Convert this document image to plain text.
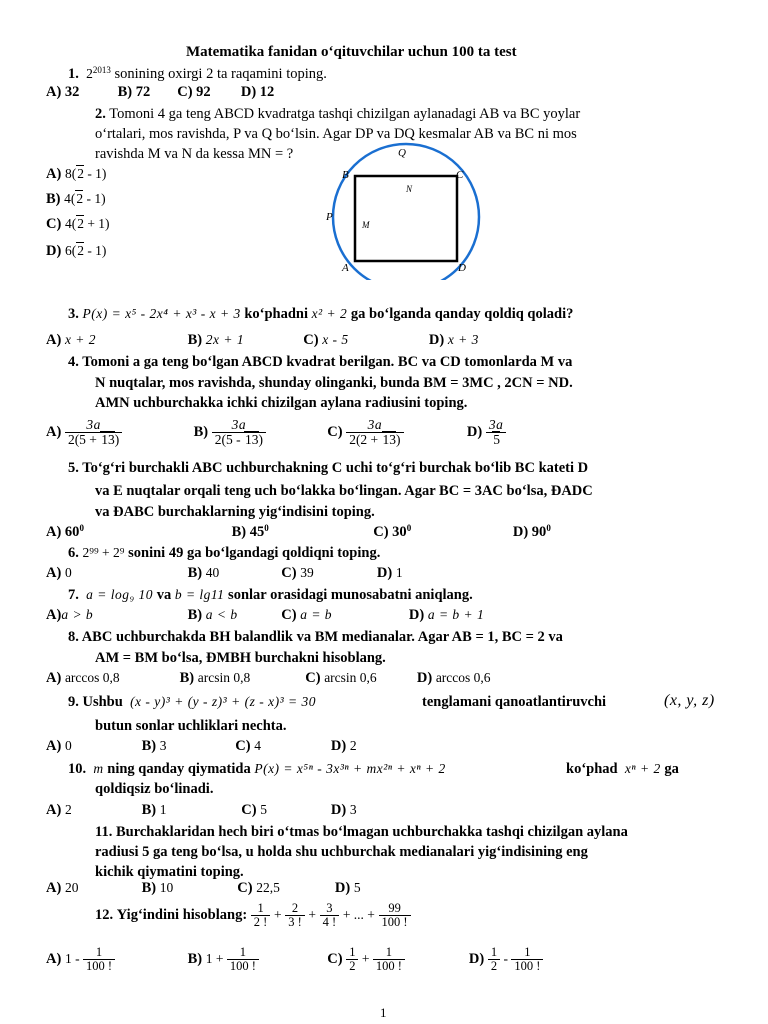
Matematika fanidan oʻqituvchilar uchun 100 ta test
1. $2^{2013}$ sonining oxirgi 2 ta raqamini toping.
A) 32	B) 72 C) 92 D) 12
2. Tomoni 4 ga teng ABCD kvadratga tashqi chizilgan aylanadagi AB va BC yoylar
oʻrtalari, mos ravishda, P va Q boʻlsin. Agar DP va DQ kesmalar AB va BC ni mos
ravishda M va N da kessa MN = ?
A) 8(2 - 1)
B) 4(2 - 1)
C) 4(2 + 1)
D) 6(2 - 1)
B	C
A	D
P
Q
M
N
3. P(x) = x⁵ - 2x⁴ + x³ - x + 3 koʻphadni x² + 2 ga boʻlganda qanday qoldiq qoladi?
A) x + 2	B) 2x + 1	C) x - 5	D) x + 3
4. Tomoni a ga teng boʻlgan ABCD kvadrat berilgan. BC va CD tomonlarda M va
N nuqtalar, mos ravishda, shunday olinganki, bunda BM = 3MC , 2CN = ND.
AMN uchburchakka ichki chizilgan aylana radiusini toping.
$A) \frac{3a}{2(5 + 13)}$	$B) \frac{3a}{2(5 - 13)}$	$C) \frac{3a}{2(2 + 13)}$	$D) \frac{3a}{5}$
5. Toʻgʻri burchakli ABC uchburchakning C uchi toʻgʻri burchak boʻlib BC kateti D
va E nuqtalar orqali teng uch boʻlakka boʻlingan. Agar BC = 3AC boʻlsa, ÐADC
va ÐABC burchaklarning yigʻindisini toping.
A) $60^0$	B) $45^0$	C) $30^0$	D) $90^0$
6. 2⁹⁹ + 2⁹ sonini 49 ga boʻlgandagi qoldiqni toping.
A) 0	B) 40	C) 39	D) 1
7. a = log₉ 10 va b = lg11 sonlar orasidagi munosabatni aniqlang.
A)a > b	B) a < b	C) a = b	D) a = b + 1
8. ABC uchburchakda BH balandlik va BM medianalar. Agar AB = 1, BC = 2 va
AM = BM boʻlsa, ÐMBH burchakni hisoblang.
A) arccos 0,8	B) arcsin 0,8	C) arcsin 0,6	D) arccos 0,6
9. Ushbu (x - y)³ + (y - z)³ + (z - x)³ = 30	tenglamani qanoatlantiruvchi	(x, y, z)
butun sonlar uchliklari nechta.
A) 0	B) 3	C) 4	D) 2
10. m ning qanday qiymatida P(x) = x⁵ⁿ - 3x³ⁿ + mx²ⁿ + xⁿ + 2	koʻphad  xⁿ + 2 ga
qoldiqsiz boʻlinadi.
A) 2	B) 1	C) 5	D) 3
11. Burchaklaridan hech biri oʻtmas boʻlmagan uchburchakka tashqi chizilgan aylana
radiusi 5 ga teng boʻlsa, u holda shu uchburchak medianalari yigʻindisining eng
kichik qiymatini toping.
A) 20	B) 10	C) 22,5	D) 5
12. Yigʻindini hisoblang: $\frac{1}{2 !} + \frac{2}{3 !} + \frac{3}{4 !}$ + ... + $\frac{99}{100 !}$
A) $1 - \frac{1}{100 !}$	B) $1 + \frac{1}{100 !}$	$C) \frac{1}{2} + \frac{1}{100 !}$	$D) \frac{1}{2} - \frac{1}{100 !}$
1
